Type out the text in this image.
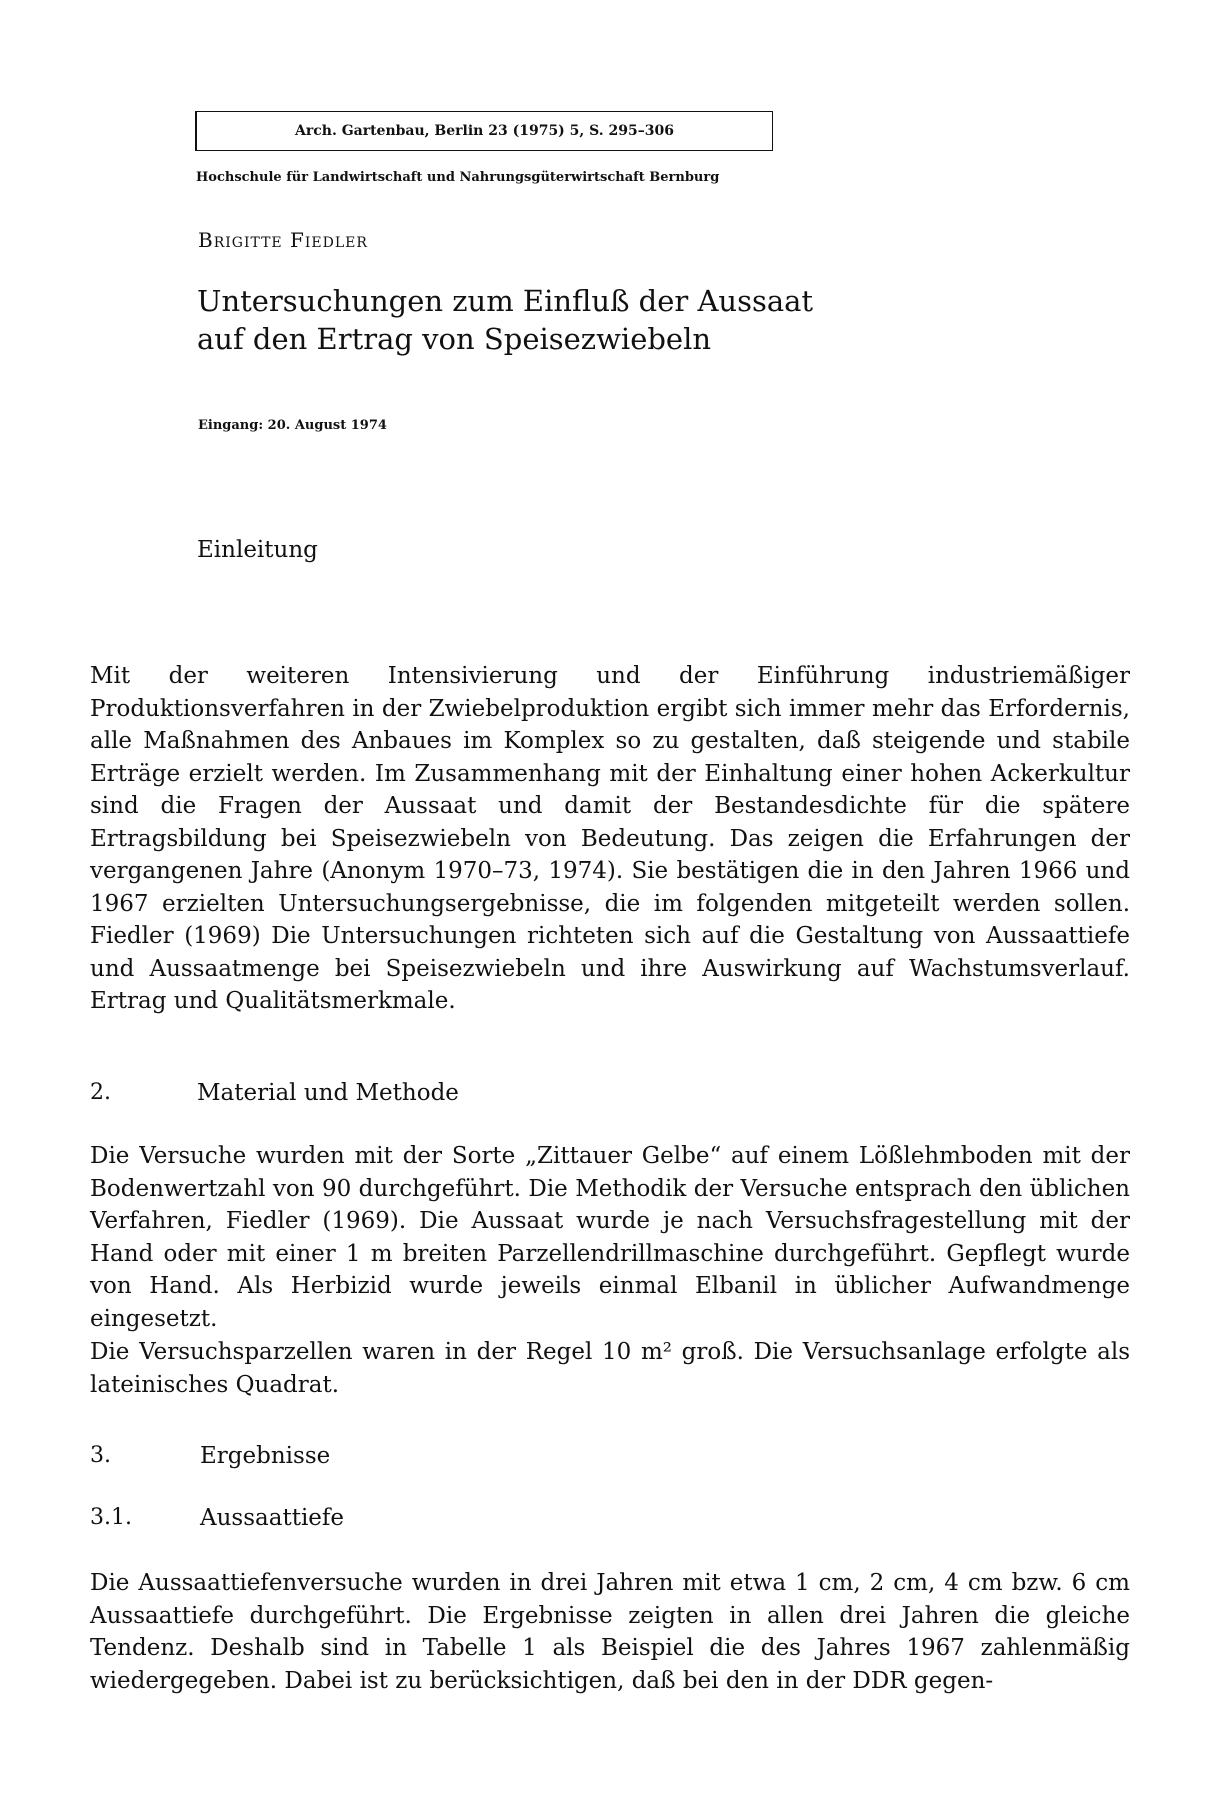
Arch. Gartenbau, Berlin 23 (1975) 5, S. 295–306
Hochschule für Landwirtschaft und Nahrungsgüterwirtschaft Bernburg
Brigitte Fiedler
Untersuchungen zum Einfluß der Aussaat auf den Ertrag von Speisezwiebeln
Eingang: 20. August 1974
Einleitung

Mit der weiteren Intensivierung und der Einführung industriemäßiger Produktionsverfahren in der Zwiebelproduktion ergibt sich immer mehr das Erfordernis, alle Maßnahmen des Anbaues im Komplex so zu gestalten, daß steigende und stabile Erträge erzielt werden. Im Zusammenhang mit der Einhaltung einer hohen Ackerkultur sind die Fragen der Aussaat und damit der Bestandesdichte für die spätere Ertragsbildung bei Speisezwiebeln von Bedeutung. Das zeigen die Erfahrungen der vergangenen Jahre (Anonym 1970–73, 1974). Sie bestätigen die in den Jahren 1966 und 1967 erzielten Untersuchungsergebnisse, die im folgenden mitgeteilt werden sollen. Fiedler (1969) Die Untersuchungen richteten sich auf die Gestaltung von Aussaattiefe und Aussaatmenge bei Speisezwiebeln und ihre Auswirkung auf Wachstumsverlauf. Ertrag und Qualitätsmerkmale.

2.	Material und Methode

Die Versuche wurden mit der Sorte „Zittauer Gelbe“ auf einem Lößlehmboden mit der Bodenwertzahl von 90 durchgeführt. Die Methodik der Versuche entsprach den üblichen Verfahren, Fiedler (1969). Die Aussaat wurde je nach Versuchsfragestellung mit der Hand oder mit einer 1 m breiten Parzellendrillmaschine durchgeführt. Gepflegt wurde von Hand. Als Herbizid wurde jeweils einmal Elbanil in üblicher Aufwandmenge eingesetzt.

Die Versuchsparzellen waren in der Regel 10 m² groß. Die Versuchsanlage erfolgte als lateinisches Quadrat.

3.	Ergebnisse
3.1.	Aussaattiefe

Die Aussaattiefenversuche wurden in drei Jahren mit etwa 1 cm, 2 cm, 4 cm bzw. 6 cm Aussaattiefe durchgeführt. Die Ergebnisse zeigten in allen drei Jahren die gleiche Tendenz. Deshalb sind in Tabelle 1 als Beispiel die des Jahres 1967 zahlenmäßig wiedergegeben. Dabei ist zu berücksichtigen, daß bei den in der DDR gegen-
